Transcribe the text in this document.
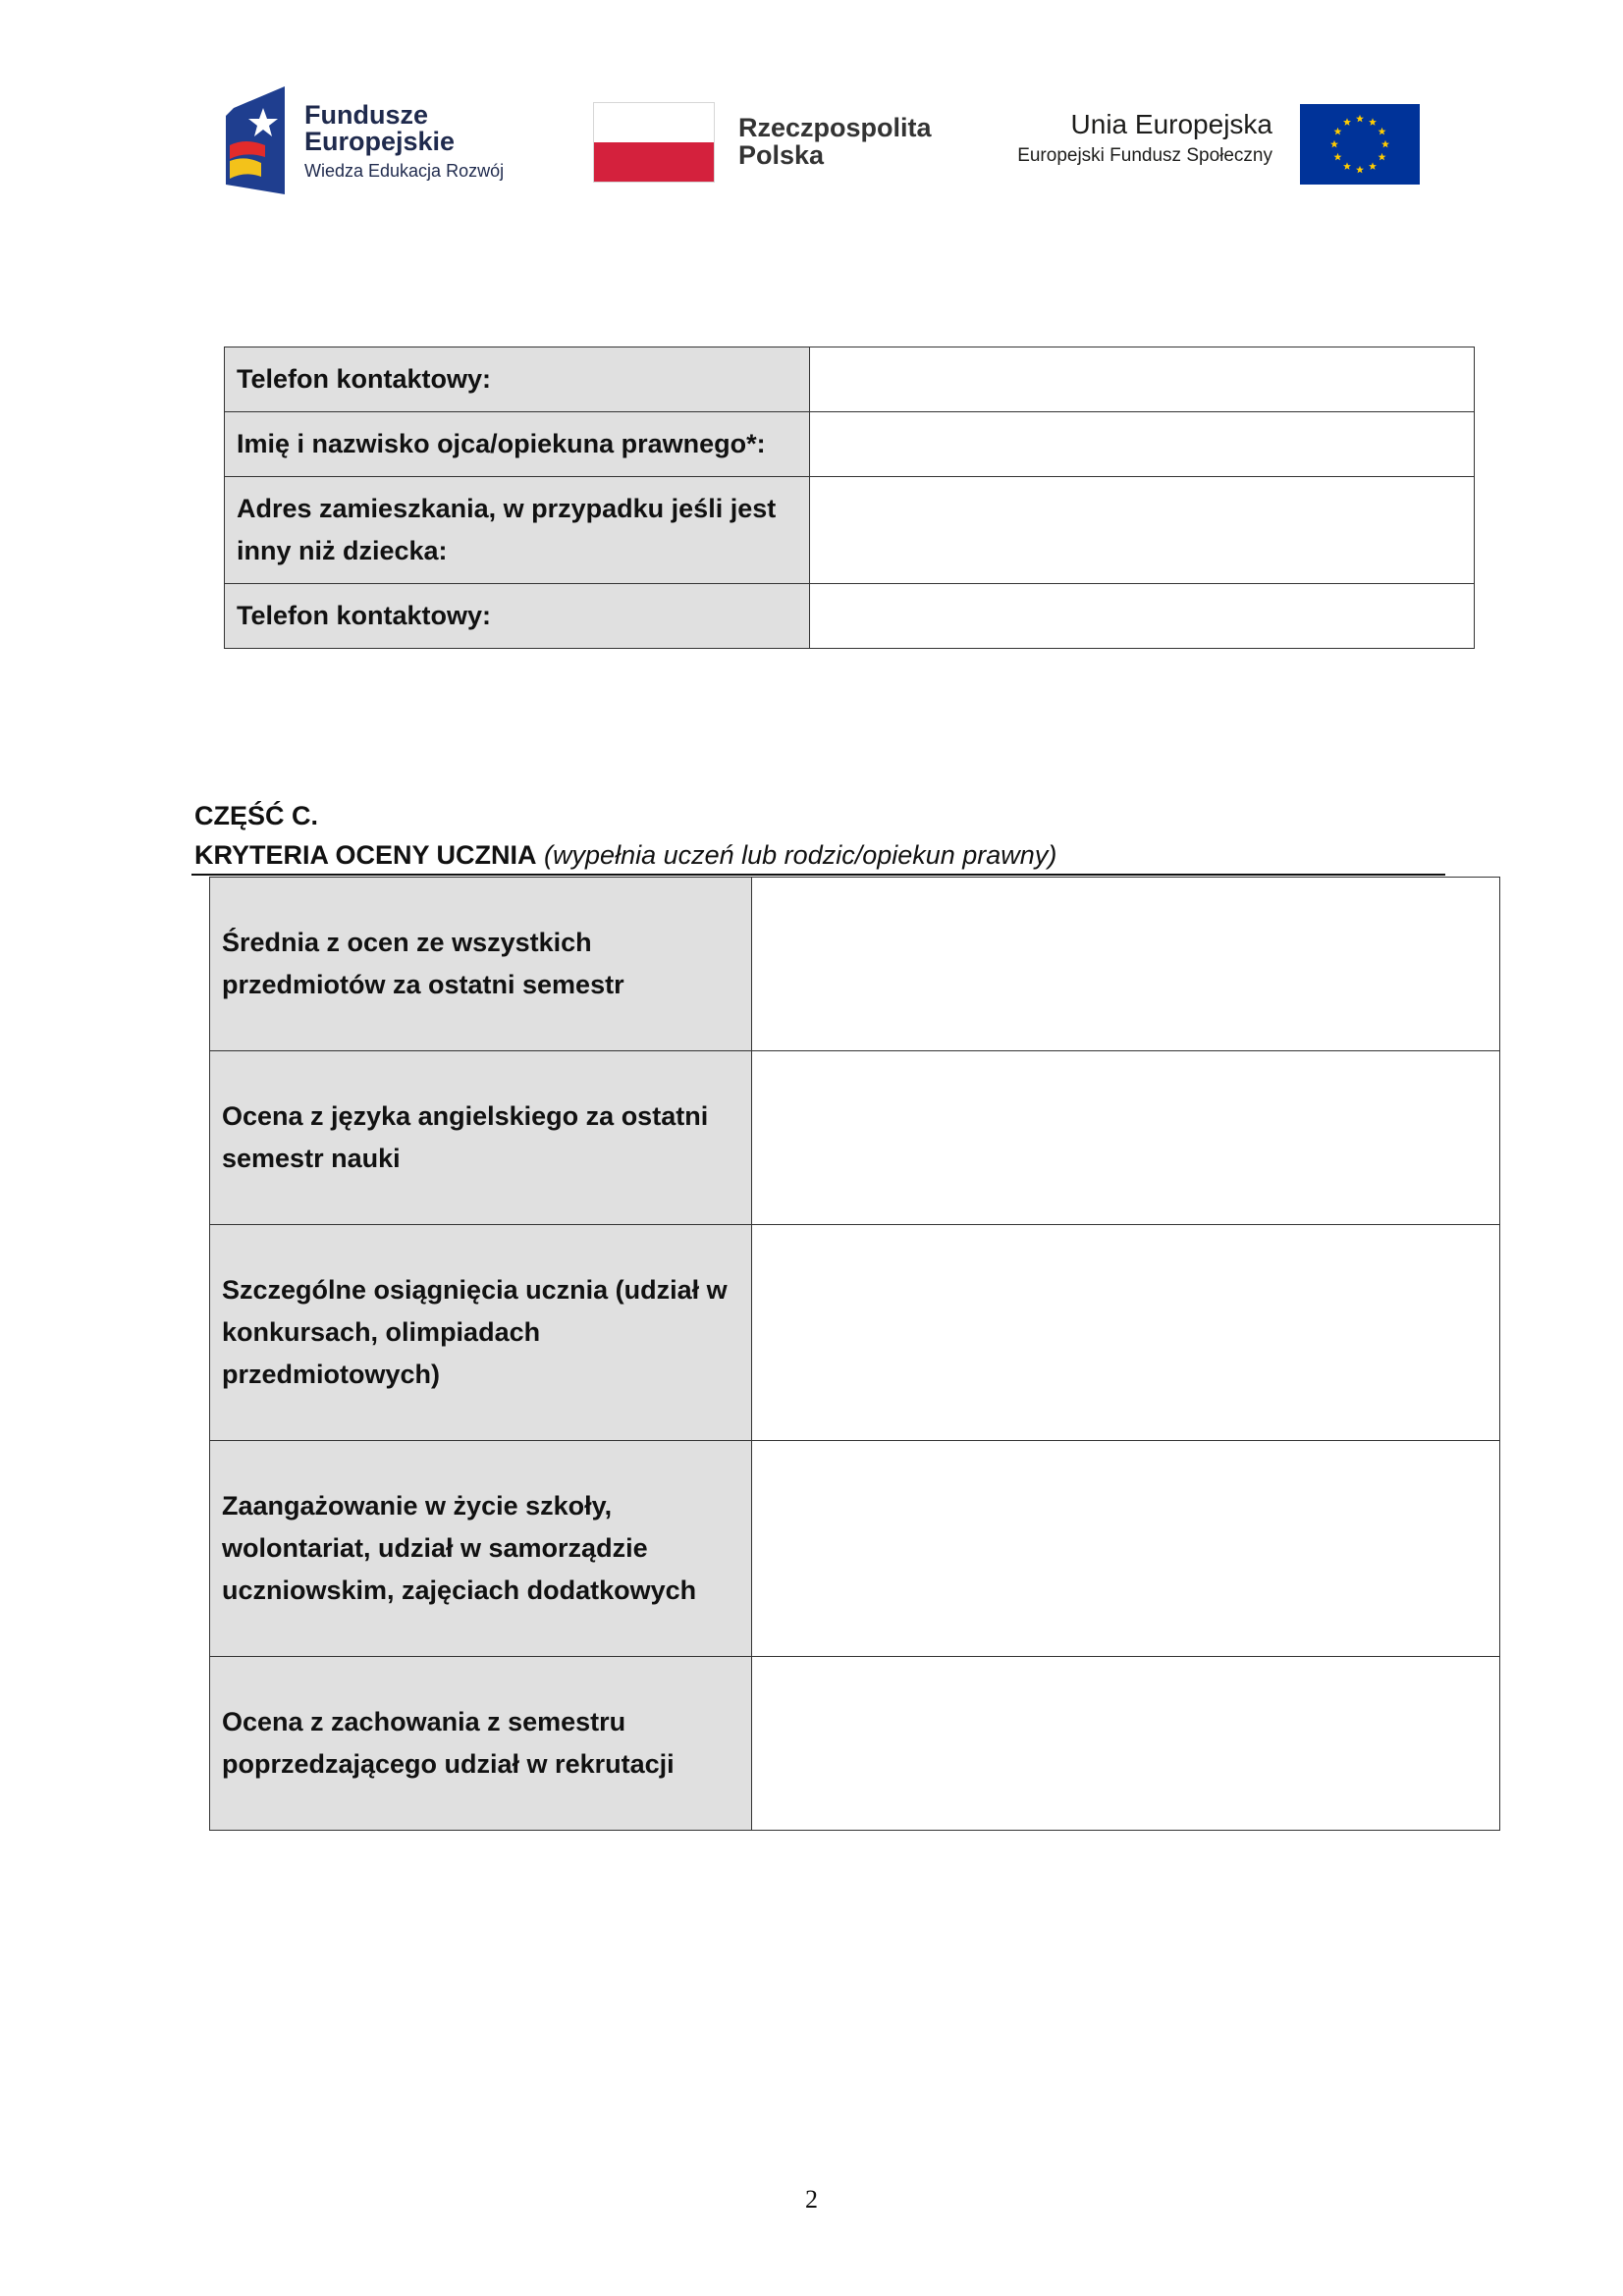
Fundusze
Europejskie
Wiedza Edukacja Rozwój
Rzeczpospolita
Polska
Unia Europejska
Europejski Fundusz Społeczny
Telefon kontaktowy:	
Imię i nazwisko ojca/opiekuna prawnego*:	

Adres zamieszkania, w przypadku jeśli jest
inny niż dziecka:	

Telefon kontaktowy:	
CZĘŚĆ C.
KRYTERIA OCENY UCZNIA (wypełnia uczeń lub rodzic/opiekun prawny)
Średnia z ocen ze wszystkich
przedmiotów za ostatni semestr	

Ocena z języka angielskiego za ostatni
semestr nauki	

Szczególne osiągnięcia ucznia (udział w
konkursach, olimpiadach
przedmiotowych)	

Zaangażowanie w życie szkoły,
wolontariat, udział w samorządzie
uczniowskim, zajęciach dodatkowych	

Ocena z zachowania z semestru
poprzedzającego udział w rekrutacji	

2
